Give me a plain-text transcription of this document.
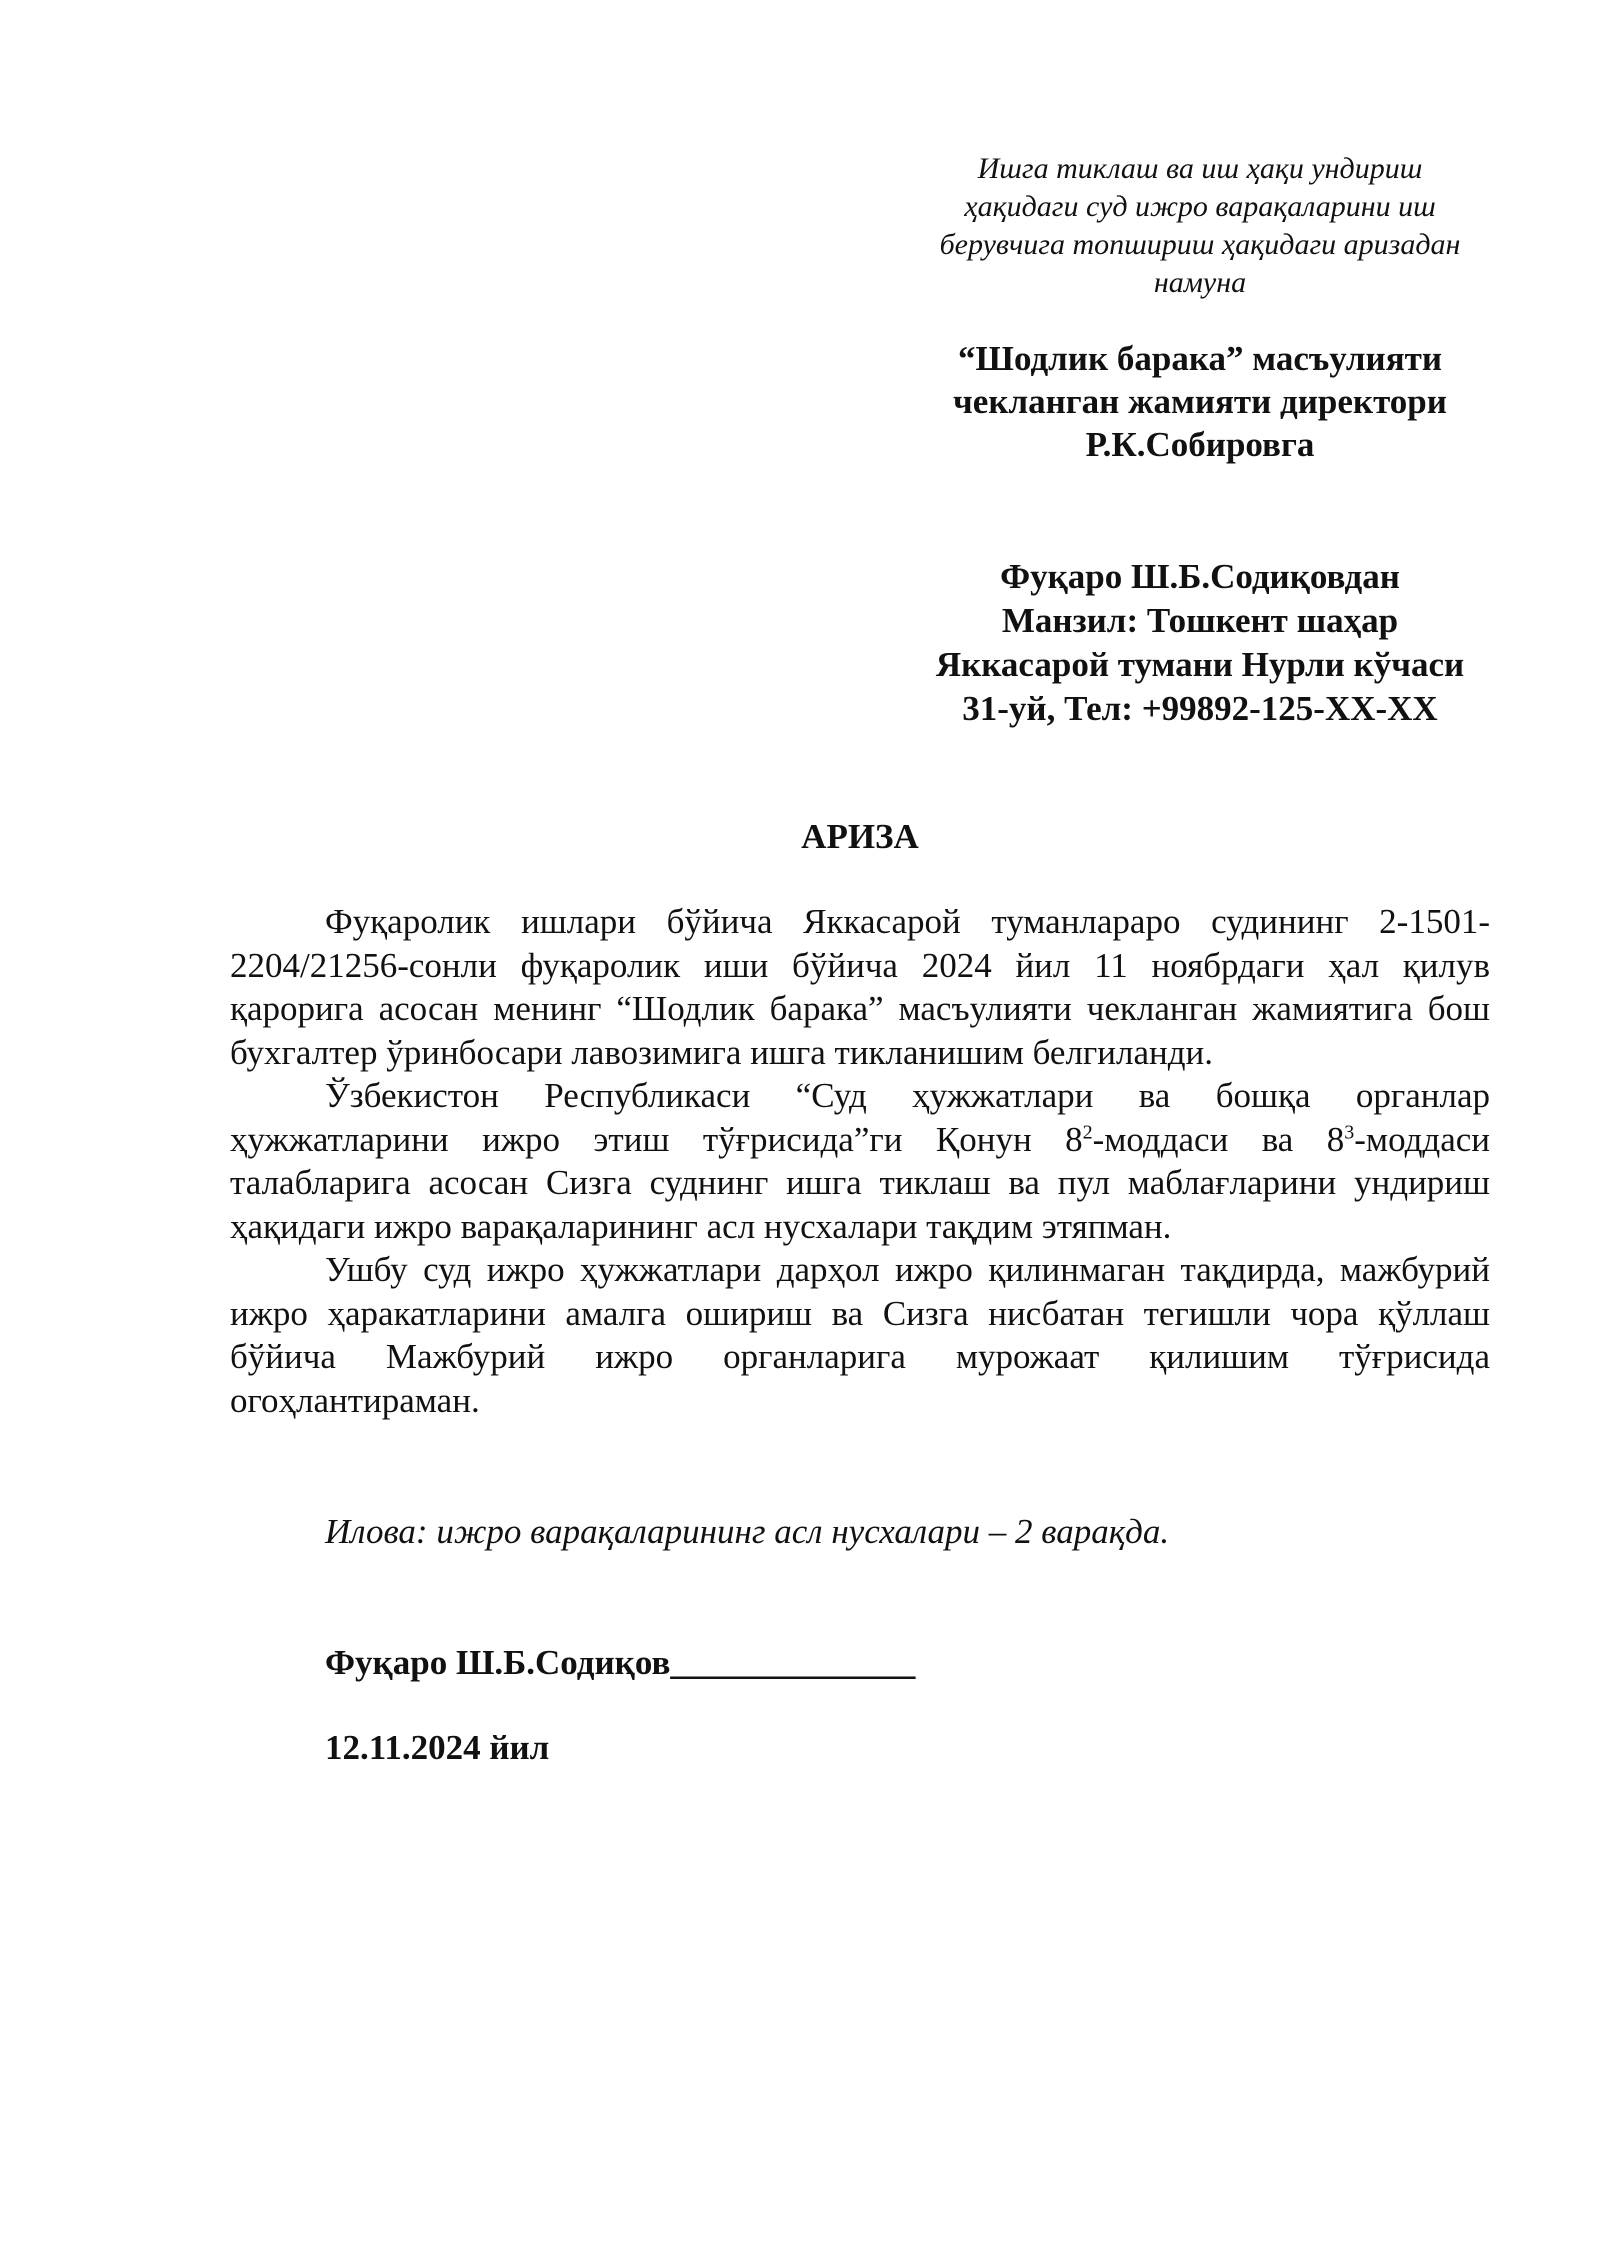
Ишга тиклаш ва иш ҳақи ундириш
ҳақидаги суд ижро варақаларини иш
берувчига топшириш ҳақидаги аризадан
намуна
“Шодлик барака” масъулияти
чекланган жамияти директори
Р.К.Собировга
Фуқаро Ш.Б.Содиқовдан
Манзил: Тошкент шаҳар
Яккасарой тумани Нурли кўчаси
31-уй, Тел: +99892-125-XX-XX
АРИЗА

Фуқаролик ишлари бўйича Яккасарой туманлараро судининг 2-1501-2204/21256-сонли фуқаролик иши бўйича 2024 йил 11 ноябрдаги ҳал қилув қарорига асосан менинг “Шодлик барака” масъулияти чекланган жамиятига бош бухгалтер ўринбосари лавозимига ишга тикланишим белгиланди.

Ўзбекистон Республикаси “Суд ҳужжатлари ва бошқа органлар ҳужжатларини ижро этиш тўғрисида”ги Қонун $8^2$-моддаси ва $8^3$-моддаси талабларига асосан Сизга суднинг ишга тиклаш ва пул маблағларини ундириш ҳақидаги ижро варақаларининг асл нусхалари тақдим этяпман.

Ушбу суд ижро ҳужжатлари дарҳол ижро қилинмаган тақдирда, мажбурий ижро ҳаракатларини амалга ошириш ва Сизга нисбатан тегишли чора қўллаш бўйича Мажбурий ижро органларига мурожаат қилишим тўғрисида огоҳлантираман.

Илова: ижро варақаларининг асл нусхалари – 2 варақда.
Фуқаро Ш.Б.Содиқов______________
12.11.2024 йил
